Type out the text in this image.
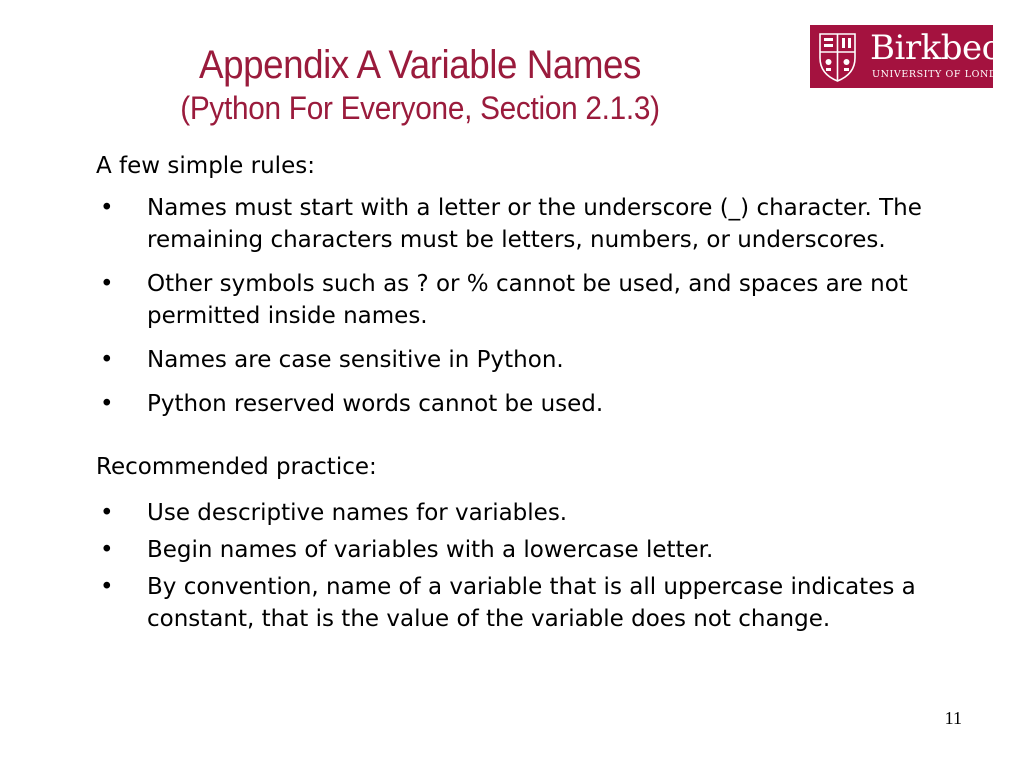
Appendix A Variable Names
(Python For Everyone, Section 2.1.3)
Birkbeck
UNIVERSITY OF LONDON
A few simple rules:
• Names must start with a letter or the underscore (_) character. The remaining characters must be letters, numbers, or underscores.
• Other symbols such as ? or % cannot be used, and spaces are not permitted inside names.
• Names are case sensitive in Python.
• Python reserved words cannot be used.
Recommended practice:
• Use descriptive names for variables.
• Begin names of variables with a lowercase letter.
• By convention, name of a variable that is all uppercase indicates a constant, that is the value of the variable does not change.
11
